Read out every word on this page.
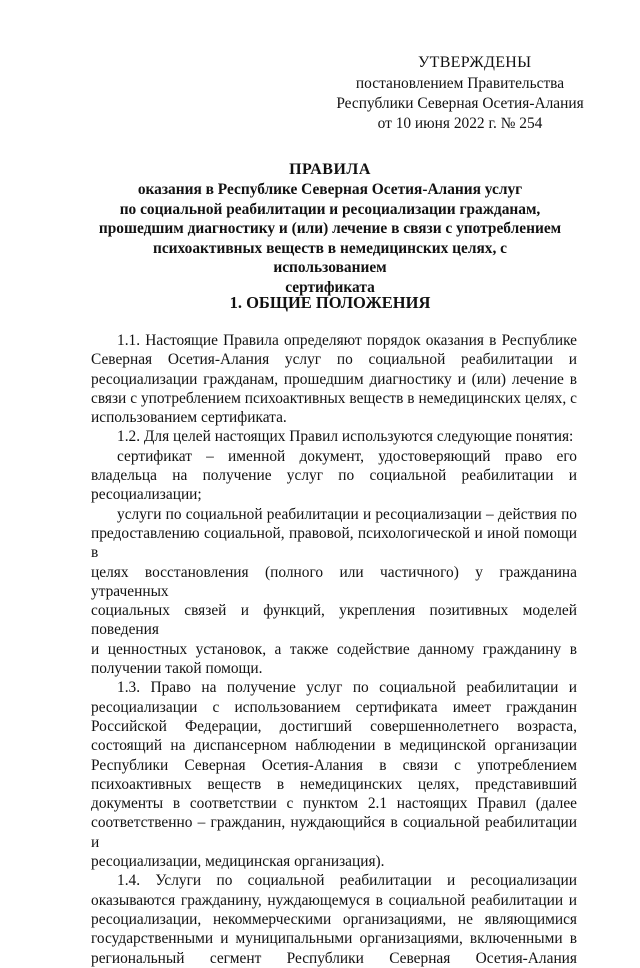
УТВЕРЖДЕНЫ
постановлением Правительства
Республики Северная Осетия-Алания
от 10 июня 2022 г. № 254
ПРАВИЛА
оказания в Республике Северная Осетия-Алания услуг
по социальной реабилитации и ресоциализации гражданам,
прошедшим диагностику и (или) лечение в связи с употреблением
психоактивных веществ в немедицинских целях, с использованием
сертификата
1. ОБЩИЕ ПОЛОЖЕНИЯ
1.1. Настоящие Правила определяют порядок оказания в Республике
Северная Осетия-Алания услуг по социальной реабилитации и
ресоциализации гражданам, прошедшим диагностику и (или) лечение в
связи с употреблением психоактивных веществ в немедицинских целях, с
использованием сертификата.
1.2. Для целей настоящих Правил используются следующие понятия:
сертификат – именной документ, удостоверяющий право его
владельца на получение услуг по социальной реабилитации и
ресоциализации;
услуги по социальной реабилитации и ресоциализации – действия по
предоставлению социальной, правовой, психологической и иной помощи в
целях восстановления (полного или частичного) у гражданина утраченных
социальных связей и функций, укрепления позитивных моделей поведения
и ценностных установок, а также содействие данному гражданину в
получении такой помощи.
1.3. Право на получение услуг по социальной реабилитации и
ресоциализации с использованием сертификата имеет гражданин
Российской Федерации, достигший совершеннолетнего возраста,
состоящий на диспансерном наблюдении в медицинской организации
Республики Северная Осетия-Алания в связи с употреблением
психоактивных веществ в немедицинских целях, представивший
документы в соответствии с пунктом 2.1 настоящих Правил (далее
соответственно – гражданин, нуждающийся в социальной реабилитации и
ресоциализации, медицинская организация).
1.4. Услуги по социальной реабилитации и ресоциализации
оказываются гражданину, нуждающемуся в социальной реабилитации и
ресоциализации, некоммерческими организациями, не являющимися
государственными и муниципальными организациями, включенными в
региональный сегмент Республики Северная Осетия-Алания
